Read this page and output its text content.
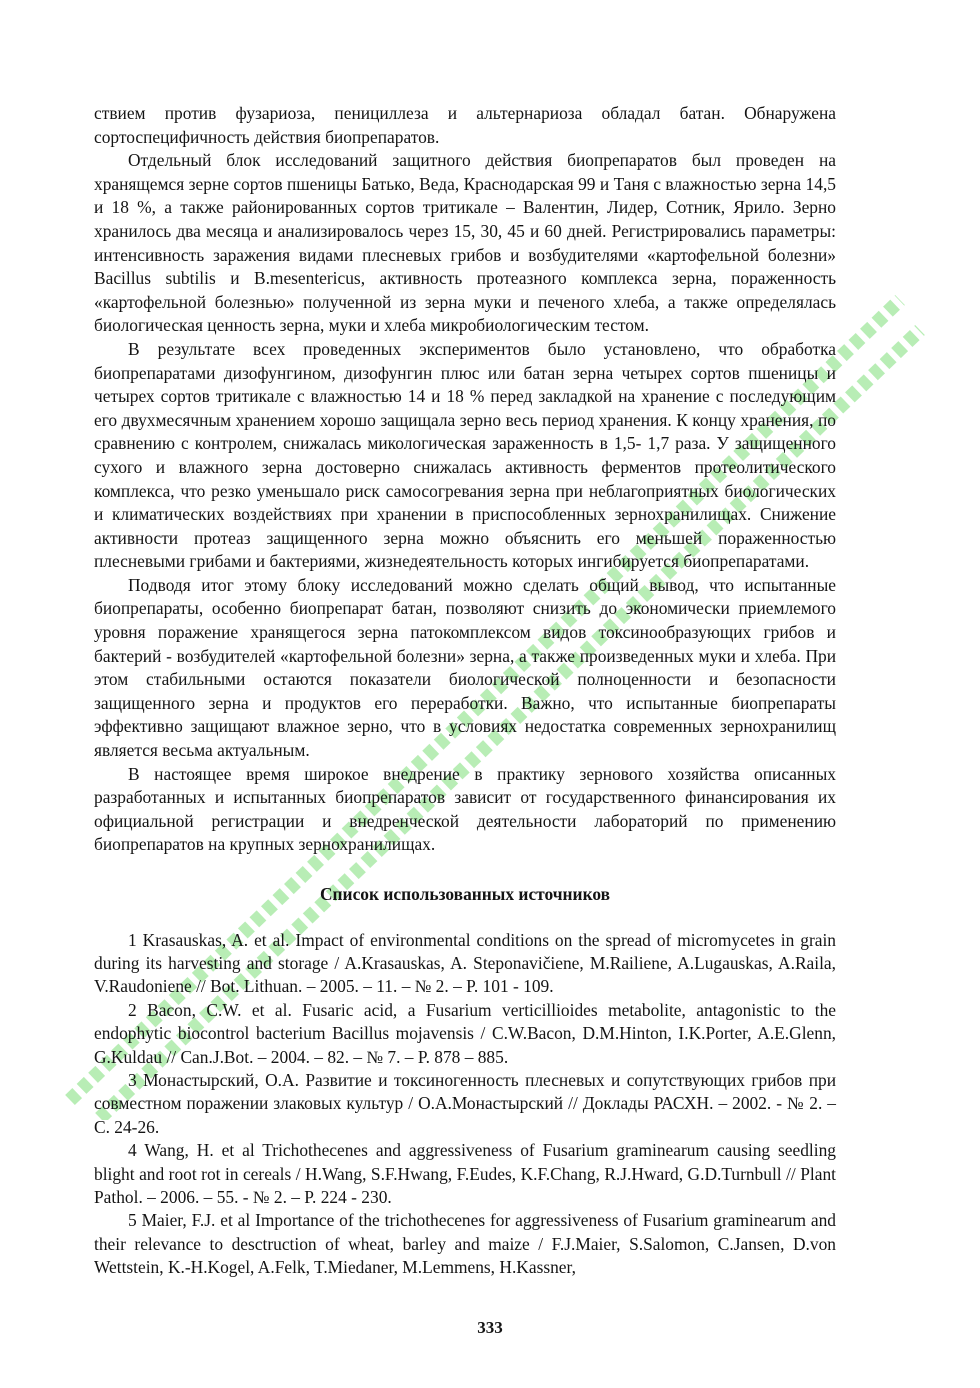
ствием против фузариоза, пенициллеза и альтернариоза обладал батан. Обнаружена сортоспецифичность действия биопрепаратов.

Отдельный блок исследований защитного действия биопрепаратов был проведен на хранящемся зерне сортов пшеницы Батько, Веда, Краснодарская 99 и Таня с влажностью зерна 14,5 и 18 %, а также районированных сортов тритикале – Валентин, Лидер, Сотник, Ярило. Зерно хранилось два месяца и анализировалось через 15, 30, 45 и 60 дней. Регистрировались параметры: интенсивность заражения видами плесневых грибов и возбудителями «картофельной болезни» Bacillus subtilis и B.mesentericus, активность протеазного комплекса зерна, пораженность «картофельной болезнью» полученной из зерна муки и печеного хлеба, а также определялась биологическая ценность зерна, муки и хлеба микробиологическим тестом.

В результате всех проведенных экспериментов было установлено, что обработка биопрепаратами дизофунгином, дизофунгин плюс или батан зерна четырех сортов пшеницы и четырех сортов тритикале с влажностью 14 и 18 % перед закладкой на хранение с последующим его двухмесячным хранением хорошо защищала зерно весь период хранения. К концу хранения, по сравнению с контролем, снижалась микологическая зараженность в 1,5- 1,7 раза. У защищенного сухого и влажного зерна достоверно снижалась активность ферментов протеолитического комплекса, что резко уменьшало риск самосогревания зерна при неблагоприятных биологических и климатических воздействиях при хранении в приспособленных зернохранилищах. Снижение активности протеаз защищенного зерна можно объяснить его меньшей пораженностью плесневыми грибами и бактериями, жизнедеятельность которых ингибируется биопрепаратами.

Подводя итог этому блоку исследований можно сделать общий вывод, что испытанные биопрепараты, особенно биопрепарат батан, позволяют снизить до экономически приемлемого уровня поражение хранящегося зерна патокомплексом видов токсинообразующих грибов и бактерий - возбудителей «картофельной болезни» зерна, а также произведенных муки и хлеба. При этом стабильными остаются показатели биологической полноценности и безопасности защищенного зерна и продуктов его переработки. Важно, что испытанные биопрепараты эффективно защищают влажное зерно, что в условиях недостатка современных зернохранилищ является весьма актуальным.

В настоящее время широкое внедрение в практику зернового хозяйства описанных разработанных и испытанных биопрепаратов зависит от государственного финансирования их официальной регистрации и внедренческой деятельности лабораторий по применению биопрепаратов на крупных зернохранилищах.

Список использованных источников

1 Krasauskas, A. et al. Impact of environmental conditions on the spread of micromycetes in grain during its harvesting and storage / A.Krasauskas, A. Steponavičiene, M.Railiene, A.Lugauskas, A.Raila, V.Raudoniene // Bot. Lithuan. – 2005. – 11. – № 2. – P. 101 - 109.

2 Bacon, C.W. et al. Fusaric acid, a Fusarium verticillioides metabolite, antagonistic to the endophytic biocontrol bacterium Bacillus mojavensis / C.W.Bacon, D.M.Hinton, I.K.Porter, A.E.Glenn, G.Kuldau // Can.J.Bot. – 2004. – 82. – № 7. – P. 878 – 885.

3 Монастырский, О.А. Развитие и токсиногенность плесневых и сопутствующих грибов при совместном поражении злаковых культур / О.А.Монастырский // Доклады РАСХН. – 2002. - № 2. – С. 24-26.

4 Wang, H. et al Trichothecenes and aggressiveness of Fusarium graminearum causing seedling blight and root rot in cereals / H.Wang, S.F.Hwang, F.Eudes, K.F.Chang, R.J.Hward, G.D.Turnbull // Plant Pathol. – 2006. – 55. - № 2. – P. 224 - 230.

5 Maier, F.J. et al Importance of the trichothecenes for aggressiveness of Fusarium graminearum and their relevance to desctruction of wheat, barley and maize / F.J.Maier, S.Salomon, C.Jansen, D.von Wettstein, K.-H.Kogel, A.Felk, T.Miedaner, M.Lemmens, H.Kassner,

333
